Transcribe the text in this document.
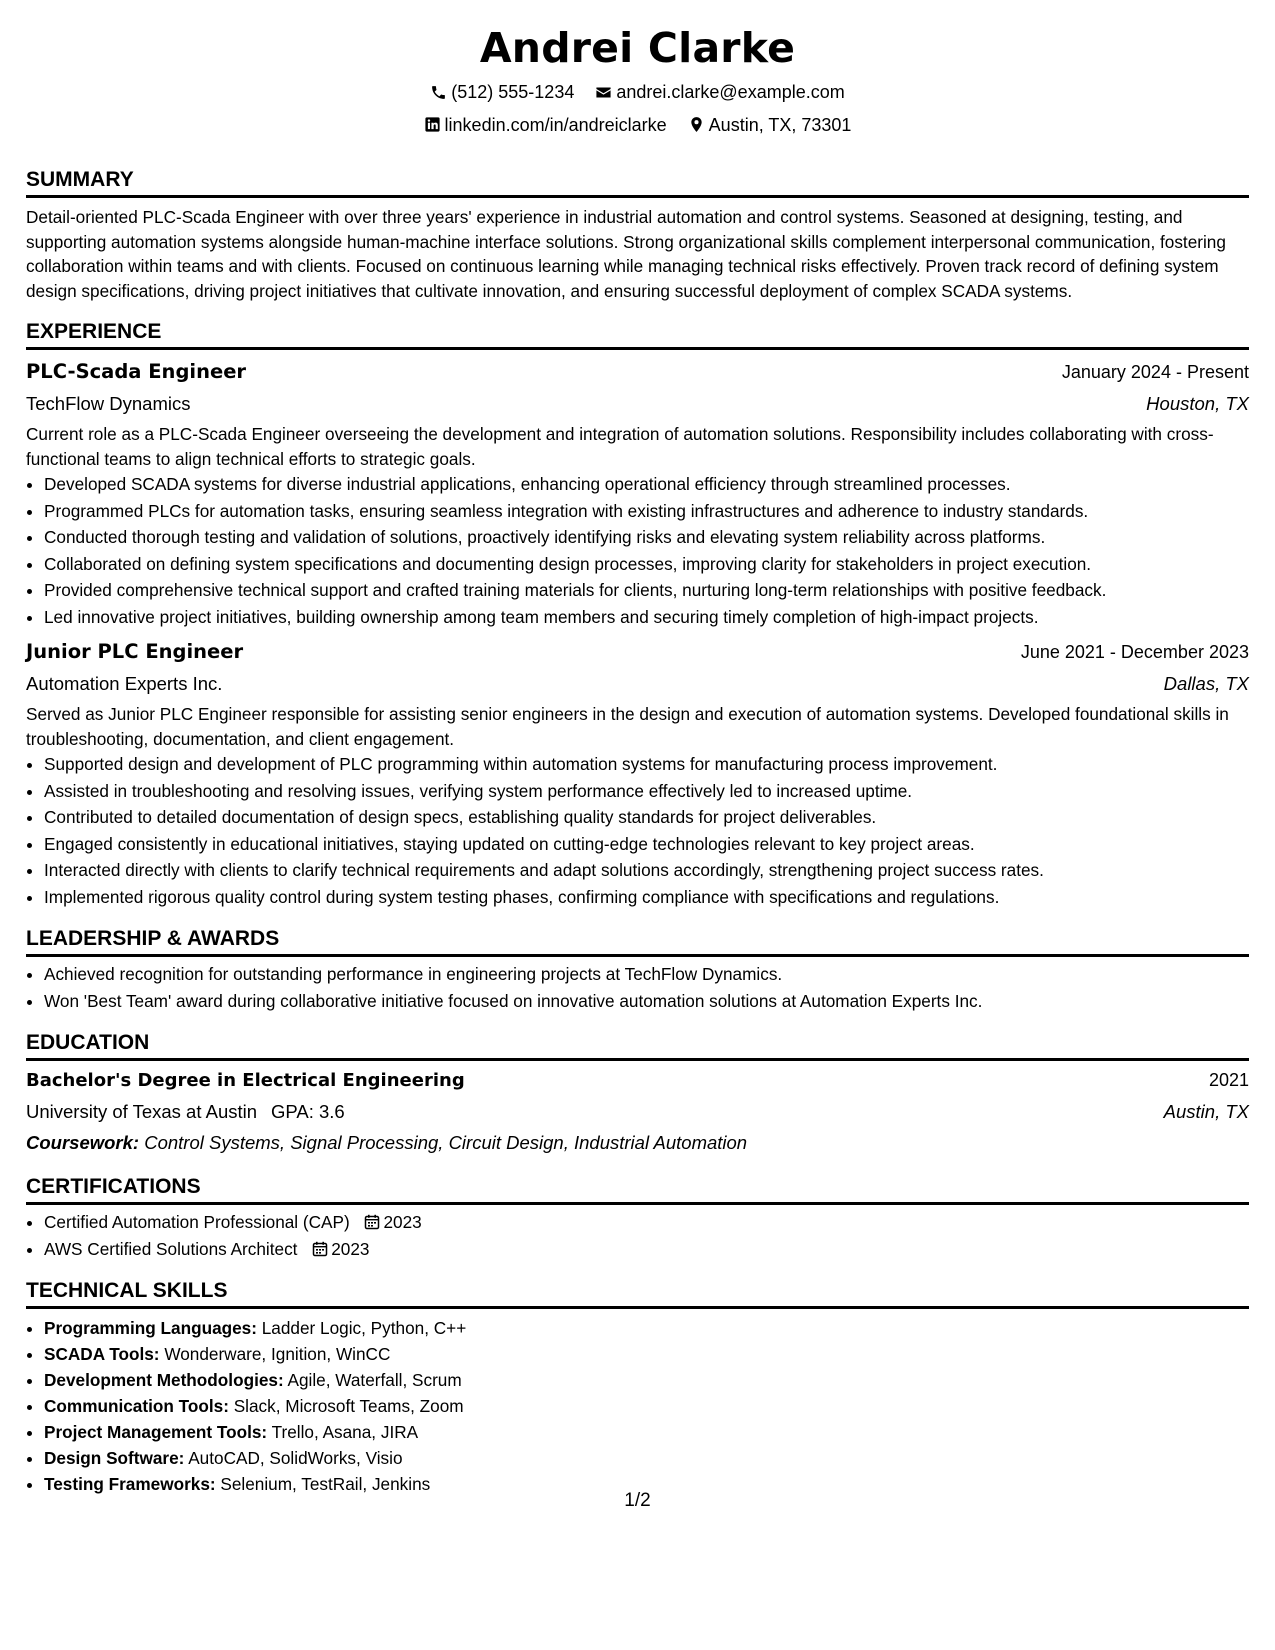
Andrei Clarke
(512) 555-1234
andrei.clarke@example.com
linkedin.com/in/andreiclarke
Austin, TX, 73301
SUMMARY
Detail-oriented PLC-Scada Engineer with over three years' experience in industrial automation and control systems. Seasoned at designing, testing, and supporting automation systems alongside human-machine interface solutions. Strong organizational skills complement interpersonal communication, fostering collaboration within teams and with clients. Focused on continuous learning while managing technical risks effectively. Proven track record of defining system design specifications, driving project initiatives that cultivate innovation, and ensuring successful deployment of complex SCADA systems.
EXPERIENCE
PLC-Scada Engineer	January 2024 - Present
TechFlow Dynamics	Houston, TX
Current role as a PLC-Scada Engineer overseeing the development and integration of automation solutions. Responsibility includes collaborating with cross-functional teams to align technical efforts to strategic goals.
• Developed SCADA systems for diverse industrial applications, enhancing operational efficiency through streamlined processes.
• Programmed PLCs for automation tasks, ensuring seamless integration with existing infrastructures and adherence to industry standards.
• Conducted thorough testing and validation of solutions, proactively identifying risks and elevating system reliability across platforms.
• Collaborated on defining system specifications and documenting design processes, improving clarity for stakeholders in project execution.
• Provided comprehensive technical support and crafted training materials for clients, nurturing long-term relationships with positive feedback.
• Led innovative project initiatives, building ownership among team members and securing timely completion of high-impact projects.
Junior PLC Engineer	June 2021 - December 2023
Automation Experts Inc.	Dallas, TX
Served as Junior PLC Engineer responsible for assisting senior engineers in the design and execution of automation systems. Developed foundational skills in troubleshooting, documentation, and client engagement.
• Supported design and development of PLC programming within automation systems for manufacturing process improvement.
• Assisted in troubleshooting and resolving issues, verifying system performance effectively led to increased uptime.
• Contributed to detailed documentation of design specs, establishing quality standards for project deliverables.
• Engaged consistently in educational initiatives, staying updated on cutting-edge technologies relevant to key project areas.
• Interacted directly with clients to clarify technical requirements and adapt solutions accordingly, strengthening project success rates.
• Implemented rigorous quality control during system testing phases, confirming compliance with specifications and regulations.
LEADERSHIP & AWARDS
• Achieved recognition for outstanding performance in engineering projects at TechFlow Dynamics.
• Won 'Best Team' award during collaborative initiative focused on innovative automation solutions at Automation Experts Inc.
EDUCATION
Bachelor's Degree in Electrical Engineering	2021
University of Texas at Austin GPA: 3.6	Austin, TX
Coursework: Control Systems, Signal Processing, Circuit Design, Industrial Automation
CERTIFICATIONS
• Certified Automation Professional (CAP) 2023
• AWS Certified Solutions Architect 2023
TECHNICAL SKILLS
• Programming Languages: Ladder Logic, Python, C++
• SCADA Tools: Wonderware, Ignition, WinCC
• Development Methodologies: Agile, Waterfall, Scrum
• Communication Tools: Slack, Microsoft Teams, Zoom
• Project Management Tools: Trello, Asana, JIRA
• Design Software: AutoCAD, SolidWorks, Visio
• Testing Frameworks: Selenium, TestRail, Jenkins
1/2
